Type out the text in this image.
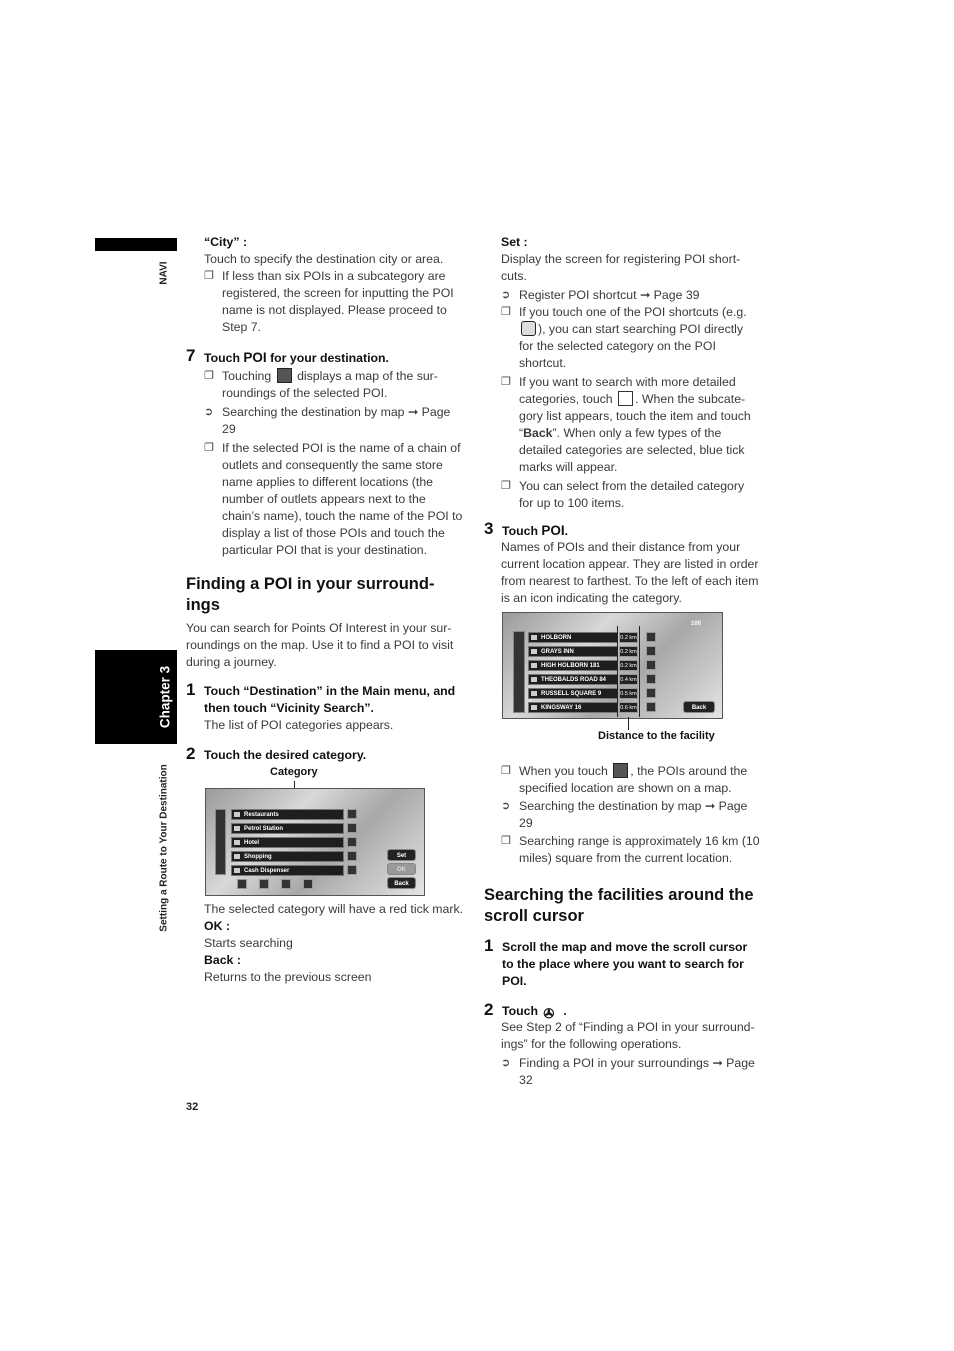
NAVI
Chapter 3
Setting a Route to Your Destination
“City” :
Touch to specify the destination city or area.
❐ If less than six POIs in a subcategory are registered, the screen for inputting the POI name is not displayed. Please proceed to Step 7.
7 Touch POI for your destination.
❐ Touching displays a map of the sur-roundings of the selected POI.
➲ Searching the destination by map ➞ Page 29
❐ If the selected POI is the name of a chain of outlets and consequently the same store name applies to different locations (the number of outlets appears next to the chain’s name), touch the name of the POI to display a list of those POIs and touch the particular POI that is your destination.
Finding a POI in your surround-ings
You can search for Points Of Interest in your sur-roundings on the map. Use it to find a POI to visit during a journey.
1 Touch “Destination” in the Main menu, and then touch “Vicinity Search”.
The list of POI categories appears.
2 Touch the desired category.
Category
Restaurants
Petrol Station
Hotel
Shopping
Cash Dispenser
Set
OK
Back
The selected category will have a red tick mark.
OK :
Starts searching
Back :
Returns to the previous screen
32
Set :
Display the screen for registering POI short-cuts.
➲ Register POI shortcut ➞ Page 39
❐ If you touch one of the POI shortcuts (e.g. ), you can start searching POI directly for the selected category on the POI shortcut.
❐ If you want to search with more detailed categories, touch . When the subcate-gory list appears, touch the item and touch “Back”. When only a few types of the detailed categories are selected, blue tick marks will appear.
❐ You can select from the detailed category for up to 100 items.
3 Touch POI.
Names of POIs and their distance from your current location appear. They are listed in order from nearest to farthest. To the left of each item is an icon indicating the category.
HOLBORN
GRAYS INN
HIGH HOLBORN 181
THEOBALDS ROAD 84
RUSSELL SQUARE 9
KINGSWAY 16
0.2 km
0.2 km
0.2 km
0.4 km
0.5 km
0.6 km
100
Back
Distance to the facility
❐ When you touch , the POIs around the specified location are shown on a map.
➲ Searching the destination by map ➞ Page 29
❐ Searching range is approximately 16 km (10 miles) square from the current location.
Searching the facilities around the scroll cursor
1 Scroll the map and move the scroll cursor to the place where you want to search for POI.
2 Touch ✇ .
See Step 2 of “Finding a POI in your surround-ings” for the following operations.
➲ Finding a POI in your surroundings ➞ Page 32
